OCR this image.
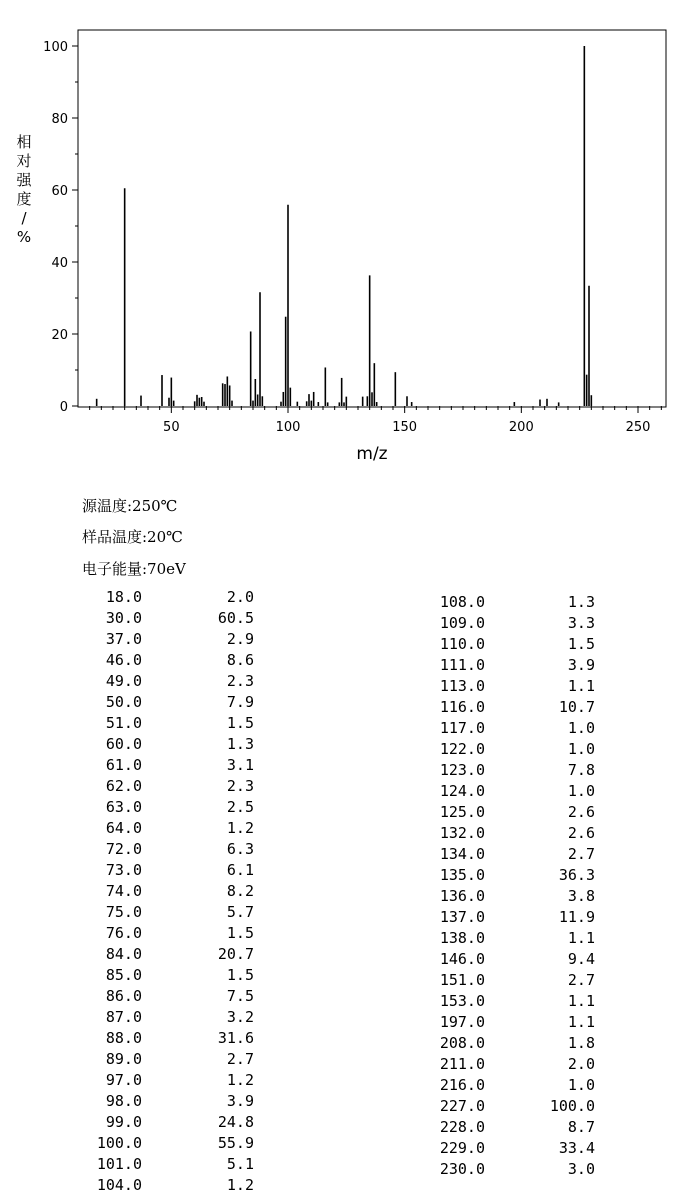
0
20
40
60
80
100
50	100	150	200	250
相对强度/ %
m/z
源温度:250℃
样品温度:20℃
电子能量:70eV
18.0	2.0
30.0	60.5
37.0	2.9
46.0	8.6
49.0	2.3
50.0	7.9
51.0	1.5
60.0	1.3
61.0	3.1
62.0	2.3
63.0	2.5
64.0	1.2
72.0	6.3
73.0	6.1
74.0	8.2
75.0	5.7
76.0	1.5
84.0	20.7
85.0	1.5
86.0	7.5
87.0	3.2
88.0	31.6
89.0	2.7
97.0	1.2
98.0	3.9
99.0	24.8
100.0	55.9
101.0	5.1
104.0	1.2
108.0	1.3
109.0	3.3
110.0	1.5
111.0	3.9
113.0	1.1
116.0	10.7
117.0	1.0
122.0	1.0
123.0	7.8
124.0	1.0
125.0	2.6
132.0	2.6
134.0	2.7
135.0	36.3
136.0	3.8
137.0	11.9
138.0	1.1
146.0	9.4
151.0	2.7
153.0	1.1
197.0	1.1
208.0	1.8
211.0	2.0
216.0	1.0
227.0	100.0
228.0	8.7
229.0	33.4
230.0	3.0
